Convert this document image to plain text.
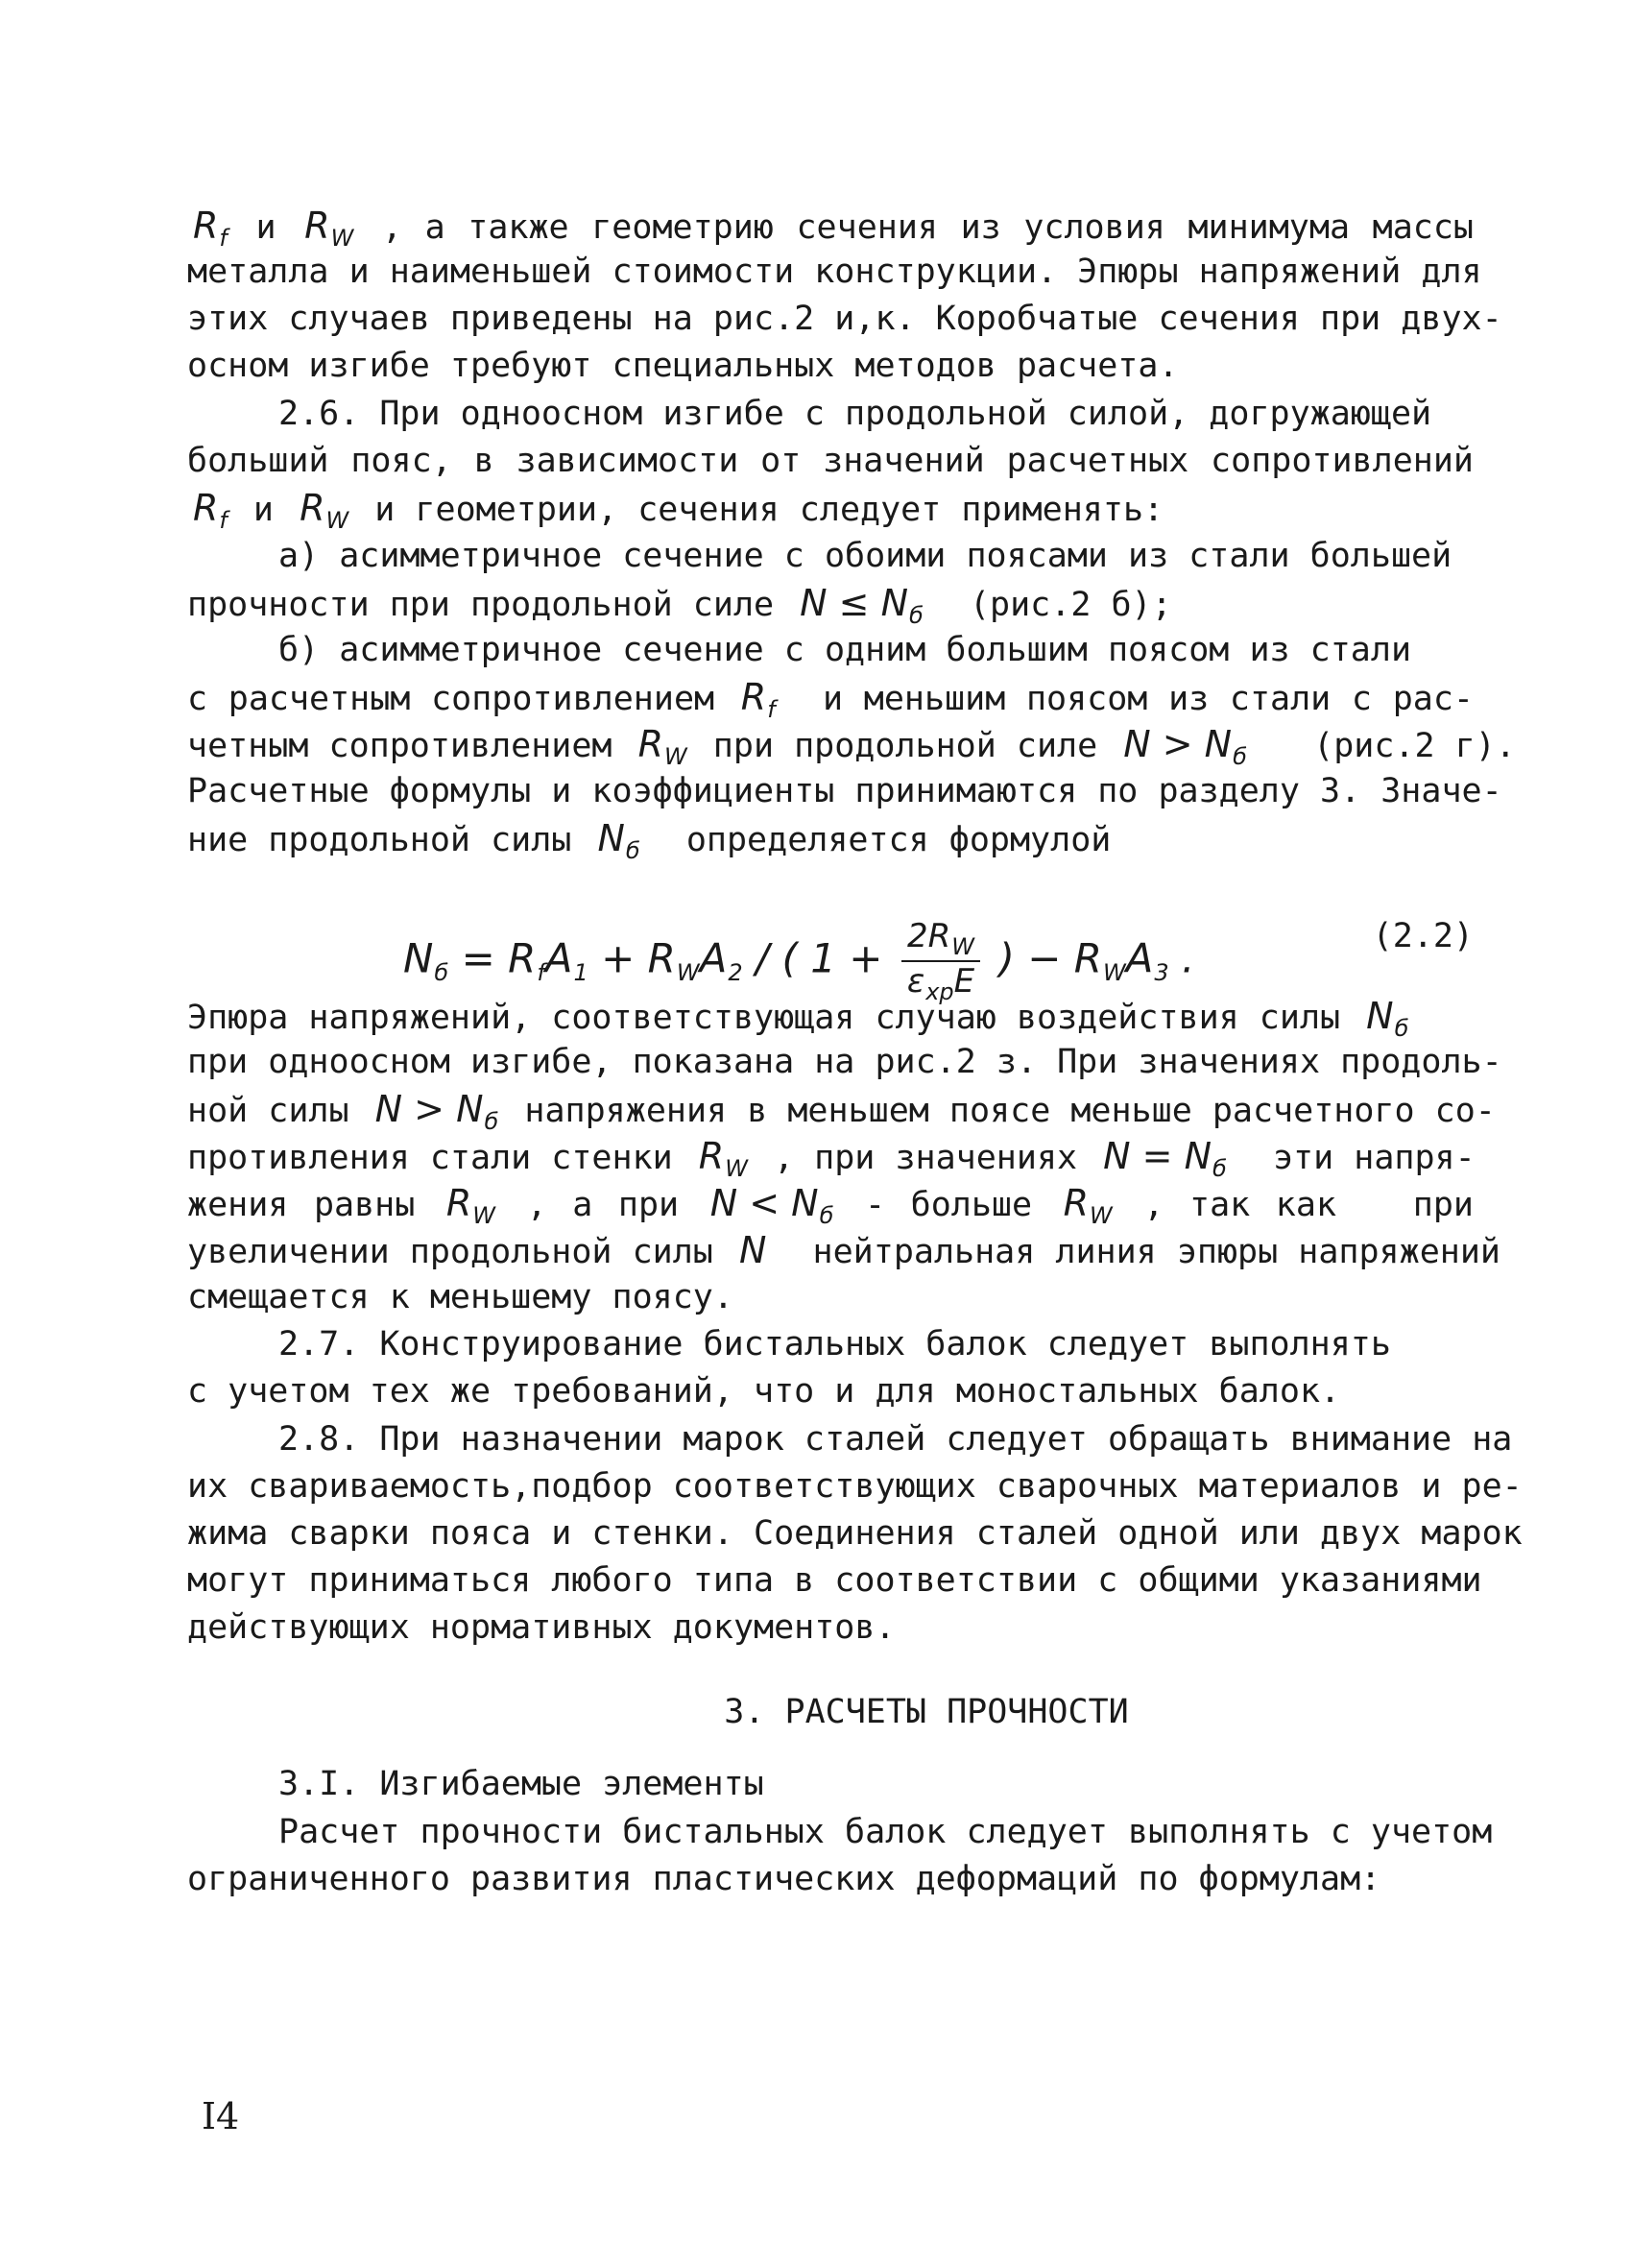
$R_f$ и $R_W$ , а также геометрию сечения из условия минимума массы
металла и наименьшей стоимости конструкции. Эпюры напряжений для
этих случаев приведены на рис.2 и,к. Коробчатые сечения при двух-
осном изгибе требуют специальных методов расчета.
2.6. При одноосном изгибе с продольной силой, догружающей
больший пояс, в зависимости от значений расчетных сопротивлений
$R_f$ и $R_W$ и геометрии, сечения следует применять:
а) асимметричное сечение с обоими поясами из стали большей
прочности при продольной силе $N \le N_б$  (рис.2 б);
б) асимметричное сечение с одним большим поясом из стали
с расчетным сопротивлением $R_f$  и меньшим поясом из стали с рас-
четным сопротивлением $R_W$ при продольной силе $N > N_б$   (рис.2 г).
Расчетные формулы и коэффициенты принимаются по разделу 3. Значе-
ние продольной силы $N_б$  определяется формулой
$N_б = R_fA_1 + R_WA_2$ / ( $1 + \frac{2R_W}{\varepsilon_{xp}E}$ ) − $R_WA_3$ .	(2.2)
Эпюра напряжений, соответствующая случаю воздействия силы $N_б$
при одноосном изгибе, показана на рис.2 з. При значениях продоль-
ной силы $N > N_б$ напряжения в меньшем поясе меньше расчетного со-
противления стали стенки $R_W$ , при значениях $N = N_б$  эти напря-
жения равны $R_W$ , а при $N < N_б$ - больше $R_W$ , так как   при
увеличении продольной силы N  нейтральная линия эпюры напряжений
смещается к меньшему поясу.
2.7. Конструирование бистальных балок следует выполнять
с учетом тех же требований, что и для моностальных балок.
2.8. При назначении марок сталей следует обращать внимание на
их свариваемость,подбор соответствующих сварочных материалов и ре-
жима сварки пояса и стенки. Соединения сталей одной или двух марок
могут приниматься любого типа в соответствии с общими указаниями
действующих нормативных документов.
3. РАСЧЕТЫ ПРОЧНОСТИ
3.I. Изгибаемые элементы
Расчет прочности бистальных балок следует выполнять с учетом
ограниченного развития пластических деформаций по формулам:
I4
